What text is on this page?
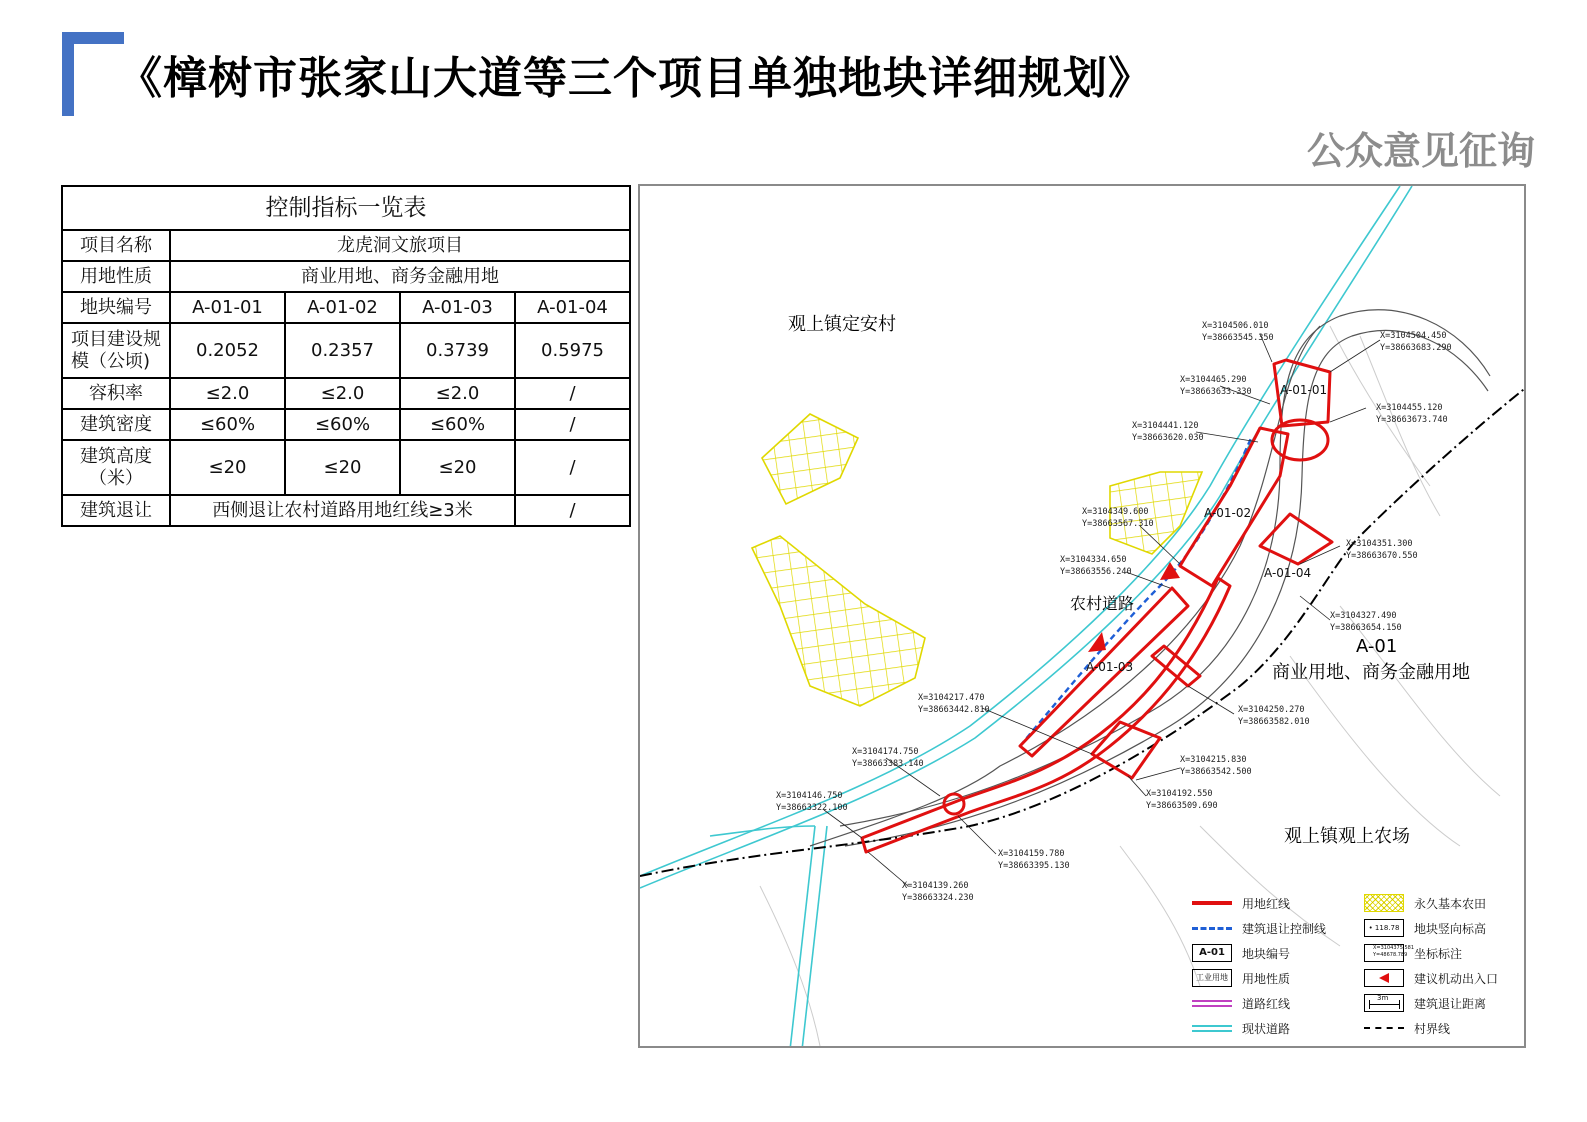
《樟树市张家山大道等三个项目单独地块详细规划》
公众意见征询
控制指标一览表				
项目名称	龙虎洞文旅项目			
用地性质	商业用地、商务金融用地			
地块编号	A-01-01	A-01-02	A-01-03	A-01-04
项目建设规模（公顷)	0.2052	0.2357	0.3739	0.5975
容积率	≤2.0	≤2.0	≤2.0	/
建筑密度	≤60%	≤60%	≤60%	/
建筑高度（米）	≤20	≤20	≤20	/
建筑退让	西侧退让农村道路用地红线≥3米			/
观上镇定安村
观上镇观上农场
农村道路
A-01
商业用地、商务金融用地
A-01-01
A-01-02
A-01-03
A-01-04
X=3104506.010
Y=38663545.350	X=3104504.450
Y=38663683.290
X=3104465.290
Y=38663633.330
X=3104455.120
Y=38663673.740
X=3104441.120
Y=38663620.030
X=3104349.600
Y=38663567.310
X=3104351.300
Y=38663670.550
X=3104334.650
Y=38663556.240
X=3104327.490
Y=38663654.150
X=3104217.470
Y=38663442.810	X=3104250.270
Y=38663582.010
X=3104174.750
Y=38663383.140	X=3104215.830
Y=38663542.500
X=3104146.750
Y=38663322.100
X=3104192.550
Y=38663509.690
X=3104159.780
Y=38663395.130
X=3104139.260
Y=38663324.230	用地红线
建筑退让控制线
A-01	地块编号
工业用地	用地性质
道路红线
现状道路
永久基本农田
• 118.78	地块竖向标高
X=3104375.581
Y=48678.789 坐标标注
建议机动出入口
3m 建筑退让距离
村界线
